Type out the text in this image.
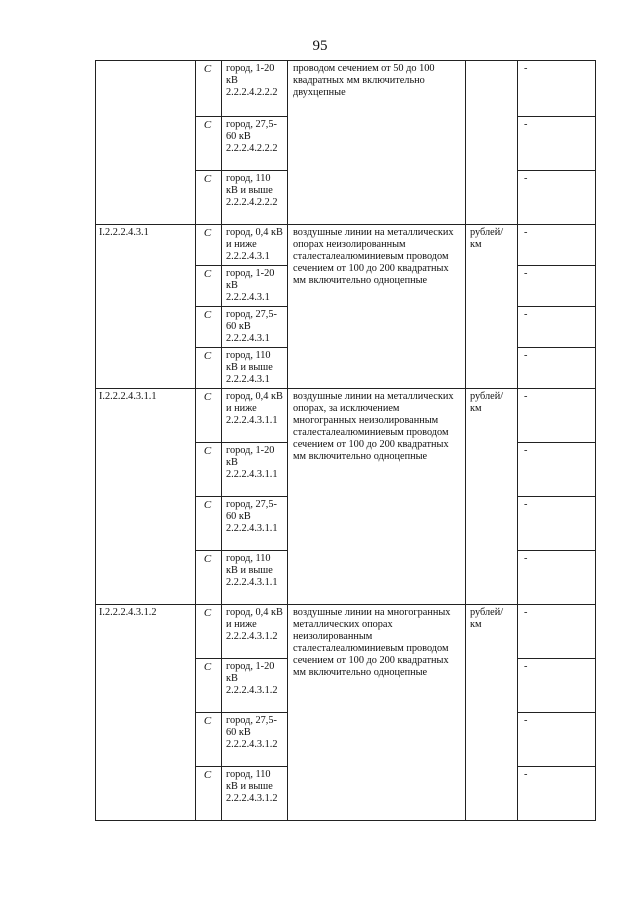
95
	C	город, 1-20 кВ 2.2.2.4.2.2.2	проводом сечением от 50 до 100 квадратных мм включительно двухцепные		-
	C	город, 27,5-60 кВ 2.2.2.4.2.2.2			-
	C	город, 110 кВ и выше 2.2.2.4.2.2.2			-
I.2.2.2.4.3.1	C	город, 0,4 кВ и ниже 2.2.2.4.3.1	воздушные линии на металлических опорах неизолированным сталесталеалюминиевым проводом сечением от 100 до 200 квадратных мм включительно одноцепные	рублей/км	-
	C	город, 1-20 кВ 2.2.2.4.3.1			-
	C	город, 27,5-60 кВ 2.2.2.4.3.1			-
	C	город, 110 кВ и выше 2.2.2.4.3.1			-
I.2.2.2.4.3.1.1	C	город, 0,4 кВ и ниже 2.2.2.4.3.1.1	воздушные линии на металлических опорах, за исключением многогранных неизолированным сталесталеалюминиевым проводом сечением от 100 до 200 квадратных мм включительно одноцепные	рублей/км	-
	C	город, 1-20 кВ 2.2.2.4.3.1.1			-
	C	город, 27,5-60 кВ 2.2.2.4.3.1.1			-
	C	город, 110 кВ и выше 2.2.2.4.3.1.1			-
I.2.2.2.4.3.1.2	C	город, 0,4 кВ и ниже 2.2.2.4.3.1.2	воздушные линии на многогранных металлических опорах неизолированным сталесталеалюминиевым проводом сечением от 100 до 200 квадратных мм включительно одноцепные	рублей/км	-
	C	город, 1-20 кВ 2.2.2.4.3.1.2			-
	C	город, 27,5-60 кВ 2.2.2.4.3.1.2			-
	C	город, 110 кВ и выше 2.2.2.4.3.1.2			-
